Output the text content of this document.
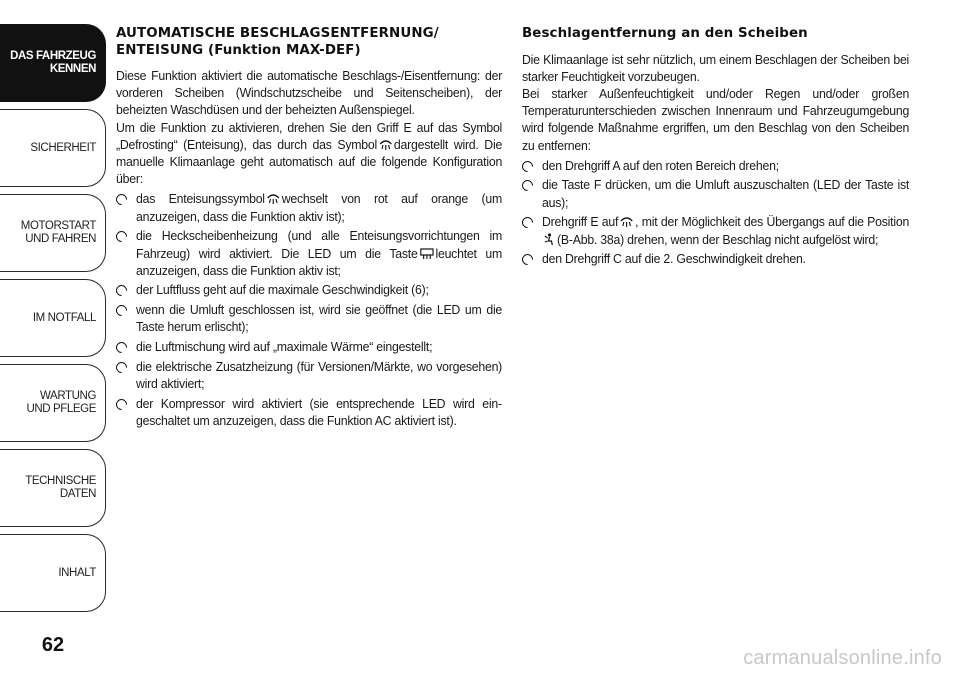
DAS FAHRZEUG
KENNEN
SICHERHEIT
MOTORSTART
UND FAHREN
IM NOTFALL
WARTUNG
UND PFLEGE
TECHNISCHE
DATEN
INHALT
62
AUTOMATISCHE BESCHLAGSENTFERNUNG/ ENTEISUNG (Funktion MAX-DEF)

Diese Funktion aktiviert die automatische Beschlags-/Eisentfernung: der vorderen Scheiben (Windschutzscheibe und Seitenscheiben), der beheizten Waschdüsen und der beheizten Außenspiegel.

Um die Funktion zu aktivieren, drehen Sie den Griff E auf das Symbol „Defrosting“ (Enteisung), das durch das Symbol dargestellt wird. Die manuelle Klimaanlage geht automatisch auf die folgende Konfiguration über:

das Enteisungssymbol wechselt von rot auf orange (um anzuzeigen, dass die Funktion aktiv ist);
die Heckscheibenheizung (und alle Enteisungsvorrichtungen im Fahrzeug) wird aktiviert. Die LED um die Taste leuchtet um anzuzeigen, dass die Funktion aktiv ist;
der Luftfluss geht auf die maximale Geschwindigkeit (6);
wenn die Umluft geschlossen ist, wird sie geöffnet (die LED um die Taste herum erlischt);
die Luftmischung wird auf „maximale Wärme“ eingestellt;
die elektrische Zusatzheizung (für Versionen/Märkte, wo vorgesehen) wird aktiviert;
der Kompressor wird aktiviert (sie entsprechende LED wird eingeschaltet um anzuzeigen, dass die Funktion AC aktiviert ist).
Beschlagentfernung an den Scheiben

Die Klimaanlage ist sehr nützlich, um einem Beschlagen der Scheiben bei starker Feuchtigkeit vorzubeugen.

Bei starker Außenfeuchtigkeit und/oder Regen und/oder großen Temperaturunterschieden zwischen Innenraum und Fahrzeugumgebung wird folgende Maßnahme ergriffen, um den Beschlag von den Scheiben zu entfernen:

den Drehgriff A auf den roten Bereich drehen;
die Taste F drücken, um die Umluft auszuschalten (LED der Taste ist aus);
Drehgriff E auf , mit der Möglichkeit des Übergangs auf die Position(B-Abb. 38a) drehen, wenn der Beschlag nicht aufgelöst wird;
den Drehgriff C auf die 2. Geschwindigkeit drehen.
carmanualsonline.info
